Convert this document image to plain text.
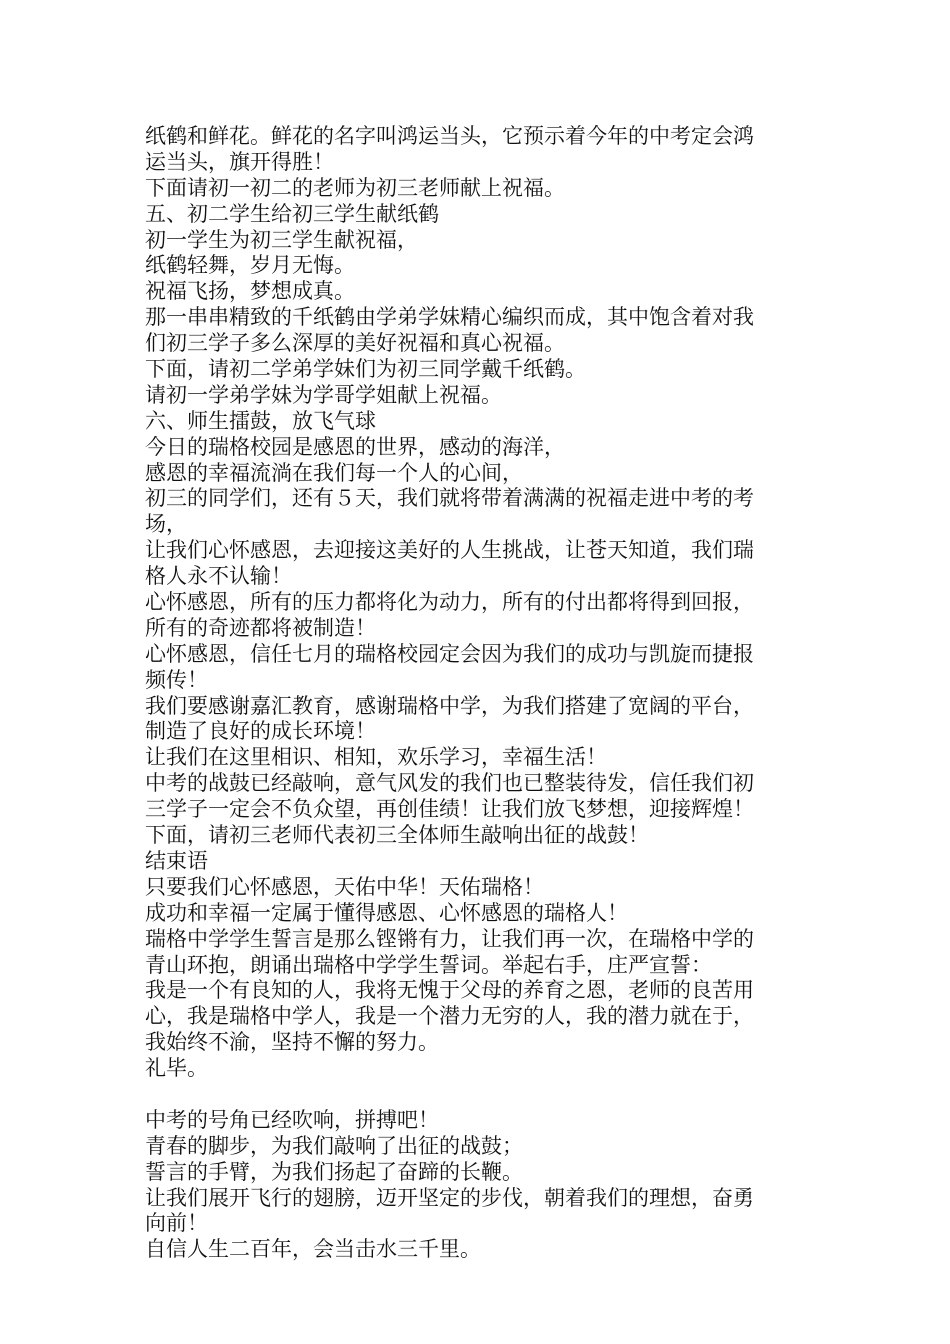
纸鹤和鲜花。鲜花的名字叫鸿运当头，它预示着今年的中考定会鸿
运当头，旗开得胜！
下面请初一初二的老师为初三老师献上祝福。
五、初二学生给初三学生献纸鹤
初一学生为初三学生献祝福，
纸鹤轻舞，岁月无悔。
祝福飞扬，梦想成真。
那一串串精致的千纸鹤由学弟学妹精心编织而成，其中饱含着对我
们初三学子多么深厚的美好祝福和真心祝福。
下面，请初二学弟学妹们为初三同学戴千纸鹤。
请初一学弟学妹为学哥学姐献上祝福。
六、师生擂鼓，放飞气球
今日的瑞格校园是感恩的世界，感动的海洋，
感恩的幸福流淌在我们每一个人的心间，
初三的同学们，还有５天，我们就将带着满满的祝福走进中考的考
场，
让我们心怀感恩，去迎接这美好的人生挑战，让苍天知道，我们瑞
格人永不认输！
心怀感恩，所有的压力都将化为动力，所有的付出都将得到回报，
所有的奇迹都将被制造！
心怀感恩，信任七月的瑞格校园定会因为我们的成功与凯旋而捷报
频传！
我们要感谢嘉汇教育，感谢瑞格中学，为我们搭建了宽阔的平台，
制造了良好的成长环境！
让我们在这里相识、相知，欢乐学习，幸福生活！
中考的战鼓已经敲响，意气风发的我们也已整装待发，信任我们初
三学子一定会不负众望，再创佳绩！让我们放飞梦想，迎接辉煌！
下面，请初三老师代表初三全体师生敲响出征的战鼓！
结束语
只要我们心怀感恩，天佑中华！天佑瑞格！
成功和幸福一定属于懂得感恩、心怀感恩的瑞格人！
瑞格中学学生誓言是那么铿锵有力，让我们再一次，在瑞格中学的
青山环抱，朗诵出瑞格中学学生誓词。举起右手，庄严宣誓：
我是一个有良知的人，我将无愧于父母的养育之恩，老师的良苦用
心，我是瑞格中学人，我是一个潜力无穷的人，我的潜力就在于，
我始终不渝，坚持不懈的努力。
礼毕。
中考的号角已经吹响，拼搏吧！
青春的脚步，为我们敲响了出征的战鼓；
誓言的手臂，为我们扬起了奋蹄的长鞭。
让我们展开飞行的翅膀，迈开坚定的步伐，朝着我们的理想，奋勇
向前！
自信人生二百年，会当击水三千里。
